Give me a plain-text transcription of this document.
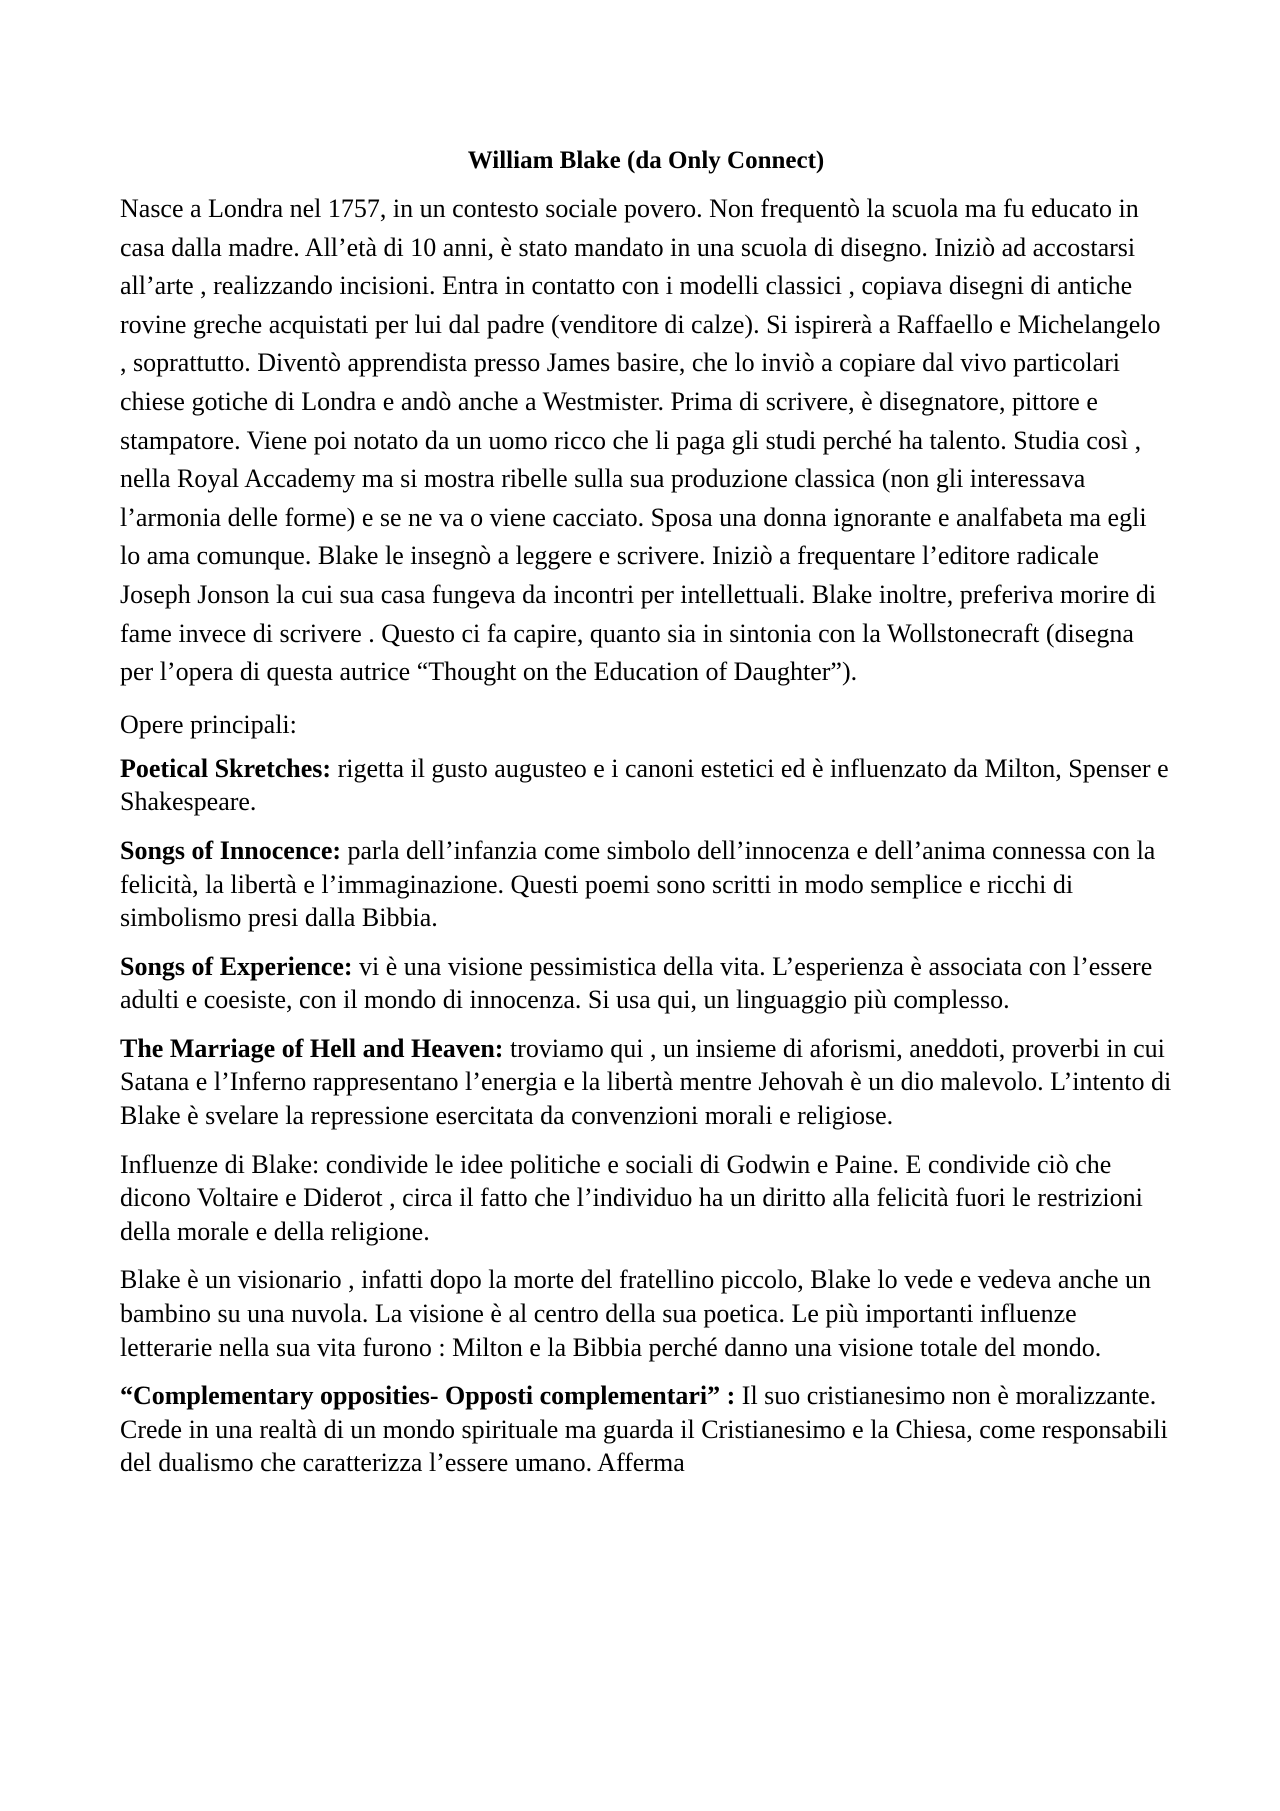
William Blake (da Only Connect)

Nasce a Londra nel 1757, in un contesto sociale povero. Non frequentò la scuola ma fu educato in casa dalla madre. All’età di 10 anni, è stato mandato in una scuola di disegno. Iniziò ad accostarsi all’arte , realizzando incisioni. Entra in contatto con i modelli classici , copiava disegni di antiche rovine greche acquistati per lui dal padre (venditore di calze). Si ispirerà a Raffaello e Michelangelo , soprattutto. Diventò apprendista presso James basire, che lo inviò a copiare dal vivo particolari chiese gotiche di Londra e andò anche a Westmister. Prima di scrivere, è disegnatore, pittore e stampatore. Viene poi notato da un uomo ricco che li paga gli studi perché ha talento. Studia così , nella Royal Accademy ma si mostra ribelle sulla sua produzione classica (non gli interessava l’armonia delle forme) e se ne va o viene cacciato. Sposa una donna ignorante e analfabeta ma egli lo ama comunque. Blake le insegnò a leggere e scrivere. Iniziò a frequentare l’editore radicale Joseph Jonson la cui sua casa fungeva da incontri per intellettuali. Blake inoltre, preferiva morire di fame invece di scrivere . Questo ci fa capire, quanto sia in sintonia con la Wollstonecraft (disegna per l’opera di questa autrice “Thought on the Education of Daughter”).

Opere principali:

Poetical Skretches: rigetta il gusto augusteo e i canoni estetici ed è influenzato da Milton, Spenser e Shakespeare.

Songs of Innocence: parla dell’infanzia come simbolo dell’innocenza e dell’anima connessa con la felicità, la libertà e l’immaginazione. Questi poemi sono scritti in modo semplice e ricchi di simbolismo presi dalla Bibbia.

Songs of Experience: vi è una visione pessimistica della vita. L’esperienza è associata con l’essere adulti e coesiste, con il mondo di innocenza. Si usa qui, un linguaggio più complesso.

The Marriage of Hell and Heaven: troviamo qui , un insieme di aforismi, aneddoti, proverbi in cui Satana e l’Inferno rappresentano l’energia e la libertà mentre Jehovah è un dio malevolo. L’intento di Blake è svelare la repressione esercitata da convenzioni morali e religiose.

Influenze di Blake: condivide le idee politiche e sociali di Godwin e Paine. E condivide ciò che dicono Voltaire e Diderot , circa il fatto che l’individuo ha un diritto alla felicità fuori le restrizioni della morale e della religione.

Blake è un visionario , infatti dopo la morte del fratellino piccolo, Blake lo vede e vedeva anche un bambino su una nuvola. La visione è al centro della sua poetica. Le più importanti influenze letterarie nella sua vita furono : Milton e la Bibbia perché danno una visione totale del mondo.

“Complementary opposities- Opposti complementari” : Il suo cristianesimo non è moralizzante. Crede in una realtà di un mondo spirituale ma guarda il Cristianesimo e la Chiesa, come responsabili del dualismo che caratterizza l’essere umano. Afferma
